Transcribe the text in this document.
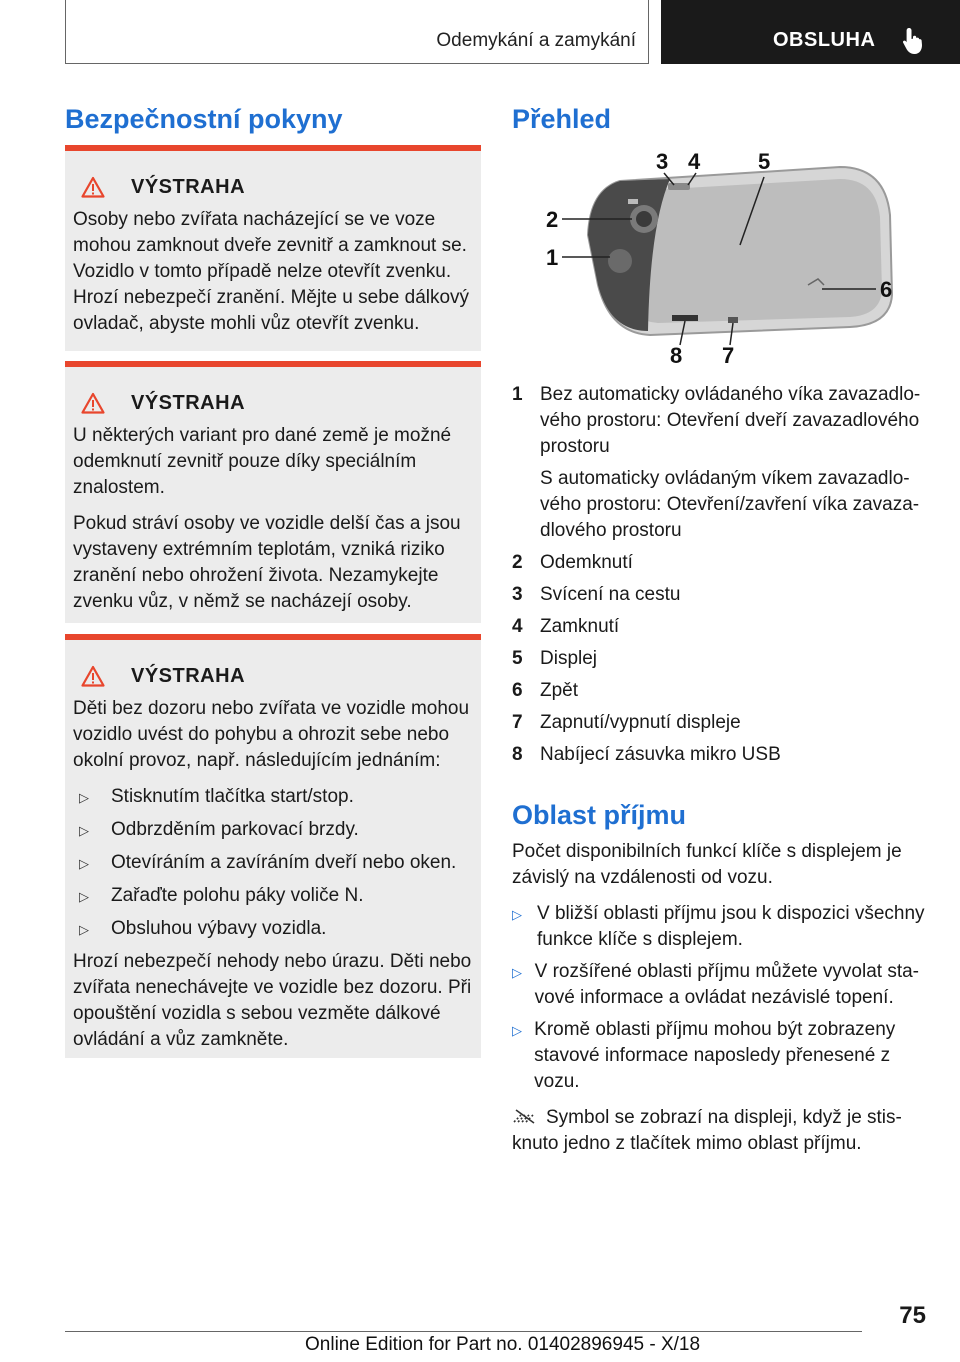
Odemykání a zamykání	OBSLUHA
Bezpečnostní pokyny
VÝSTRAHA

Osoby nebo zvířata nacházející se ve voze mohou zamknout dveře zevnitř a zamknout se. Vozidlo v tomto případě nelze otevřít zvenku. Hrozí nebezpečí zranění. Mějte u sebe dálkový ovladač, abyste mohli vůz otevřít zvenku.

VÝSTRAHA

U některých variant pro dané země je možné odemknutí zevnitř pouze díky speciálním znalostem.

Pokud stráví osoby ve vozidle delší čas a jsou vystaveny extrémním teplotám, vzniká riziko zranění nebo ohrožení života. Nezamykejte zvenku vůz, v němž se nacházejí osoby.

VÝSTRAHA

Děti bez dozoru nebo zvířata ve vozidle mohou vozidlo uvést do pohybu a ohrozit sebe nebo okolní provoz, např. následujícím jednáním:

▷	Stisknutím tlačítka start/stop.
▷	Odbrzděním parkovací brzdy.
▷	Otevíráním a zavíráním dveří nebo oken.
▷	Zařaďte polohu páky voliče N.
▷	Obsluhou výbavy vozidla.

Hrozí nebezpečí nehody nebo úrazu. Děti nebo zvířata nenechávejte ve vozidle bez dozoru. Při opouštění vozidla s sebou vezměte dálkové ovládání a vůz zamkněte.

Přehled
1
2
3 4	5
6
7
8
1 Bez automaticky ovládaného víka zavazadlového prostoru: Otevření dveří zavazadlového prostoru
S automaticky ovládaným víkem zavazadlového prostoru: Otevření/zavření víka zavazadlového prostoru
2 Odemknutí
3 Svícení na cestu
4 Zamknutí
5 Displej
6 Zpět
7 Zapnutí/vypnutí displeje
8 Nabíjecí zásuvka mikro USB
Oblast příjmu

Počet disponibilních funkcí klíče s displejem je závislý na vzdálenosti od vozu.

▷ V bližší oblasti příjmu jsou k dispozici všechny funkce klíče s displejem.
▷ V rozšířené oblasti příjmu můžete vyvolat stavové informace a ovládat nezávislé topení.
▷ Kromě oblasti příjmu mohou být zobrazeny stavové informace naposledy přenesené z vozu.

Symbol se zobrazí na displeji, když je stisknuto jedno z tlačítek mimo oblast příjmu.

75
Online Edition for Part no. 01402896945 - X/18
